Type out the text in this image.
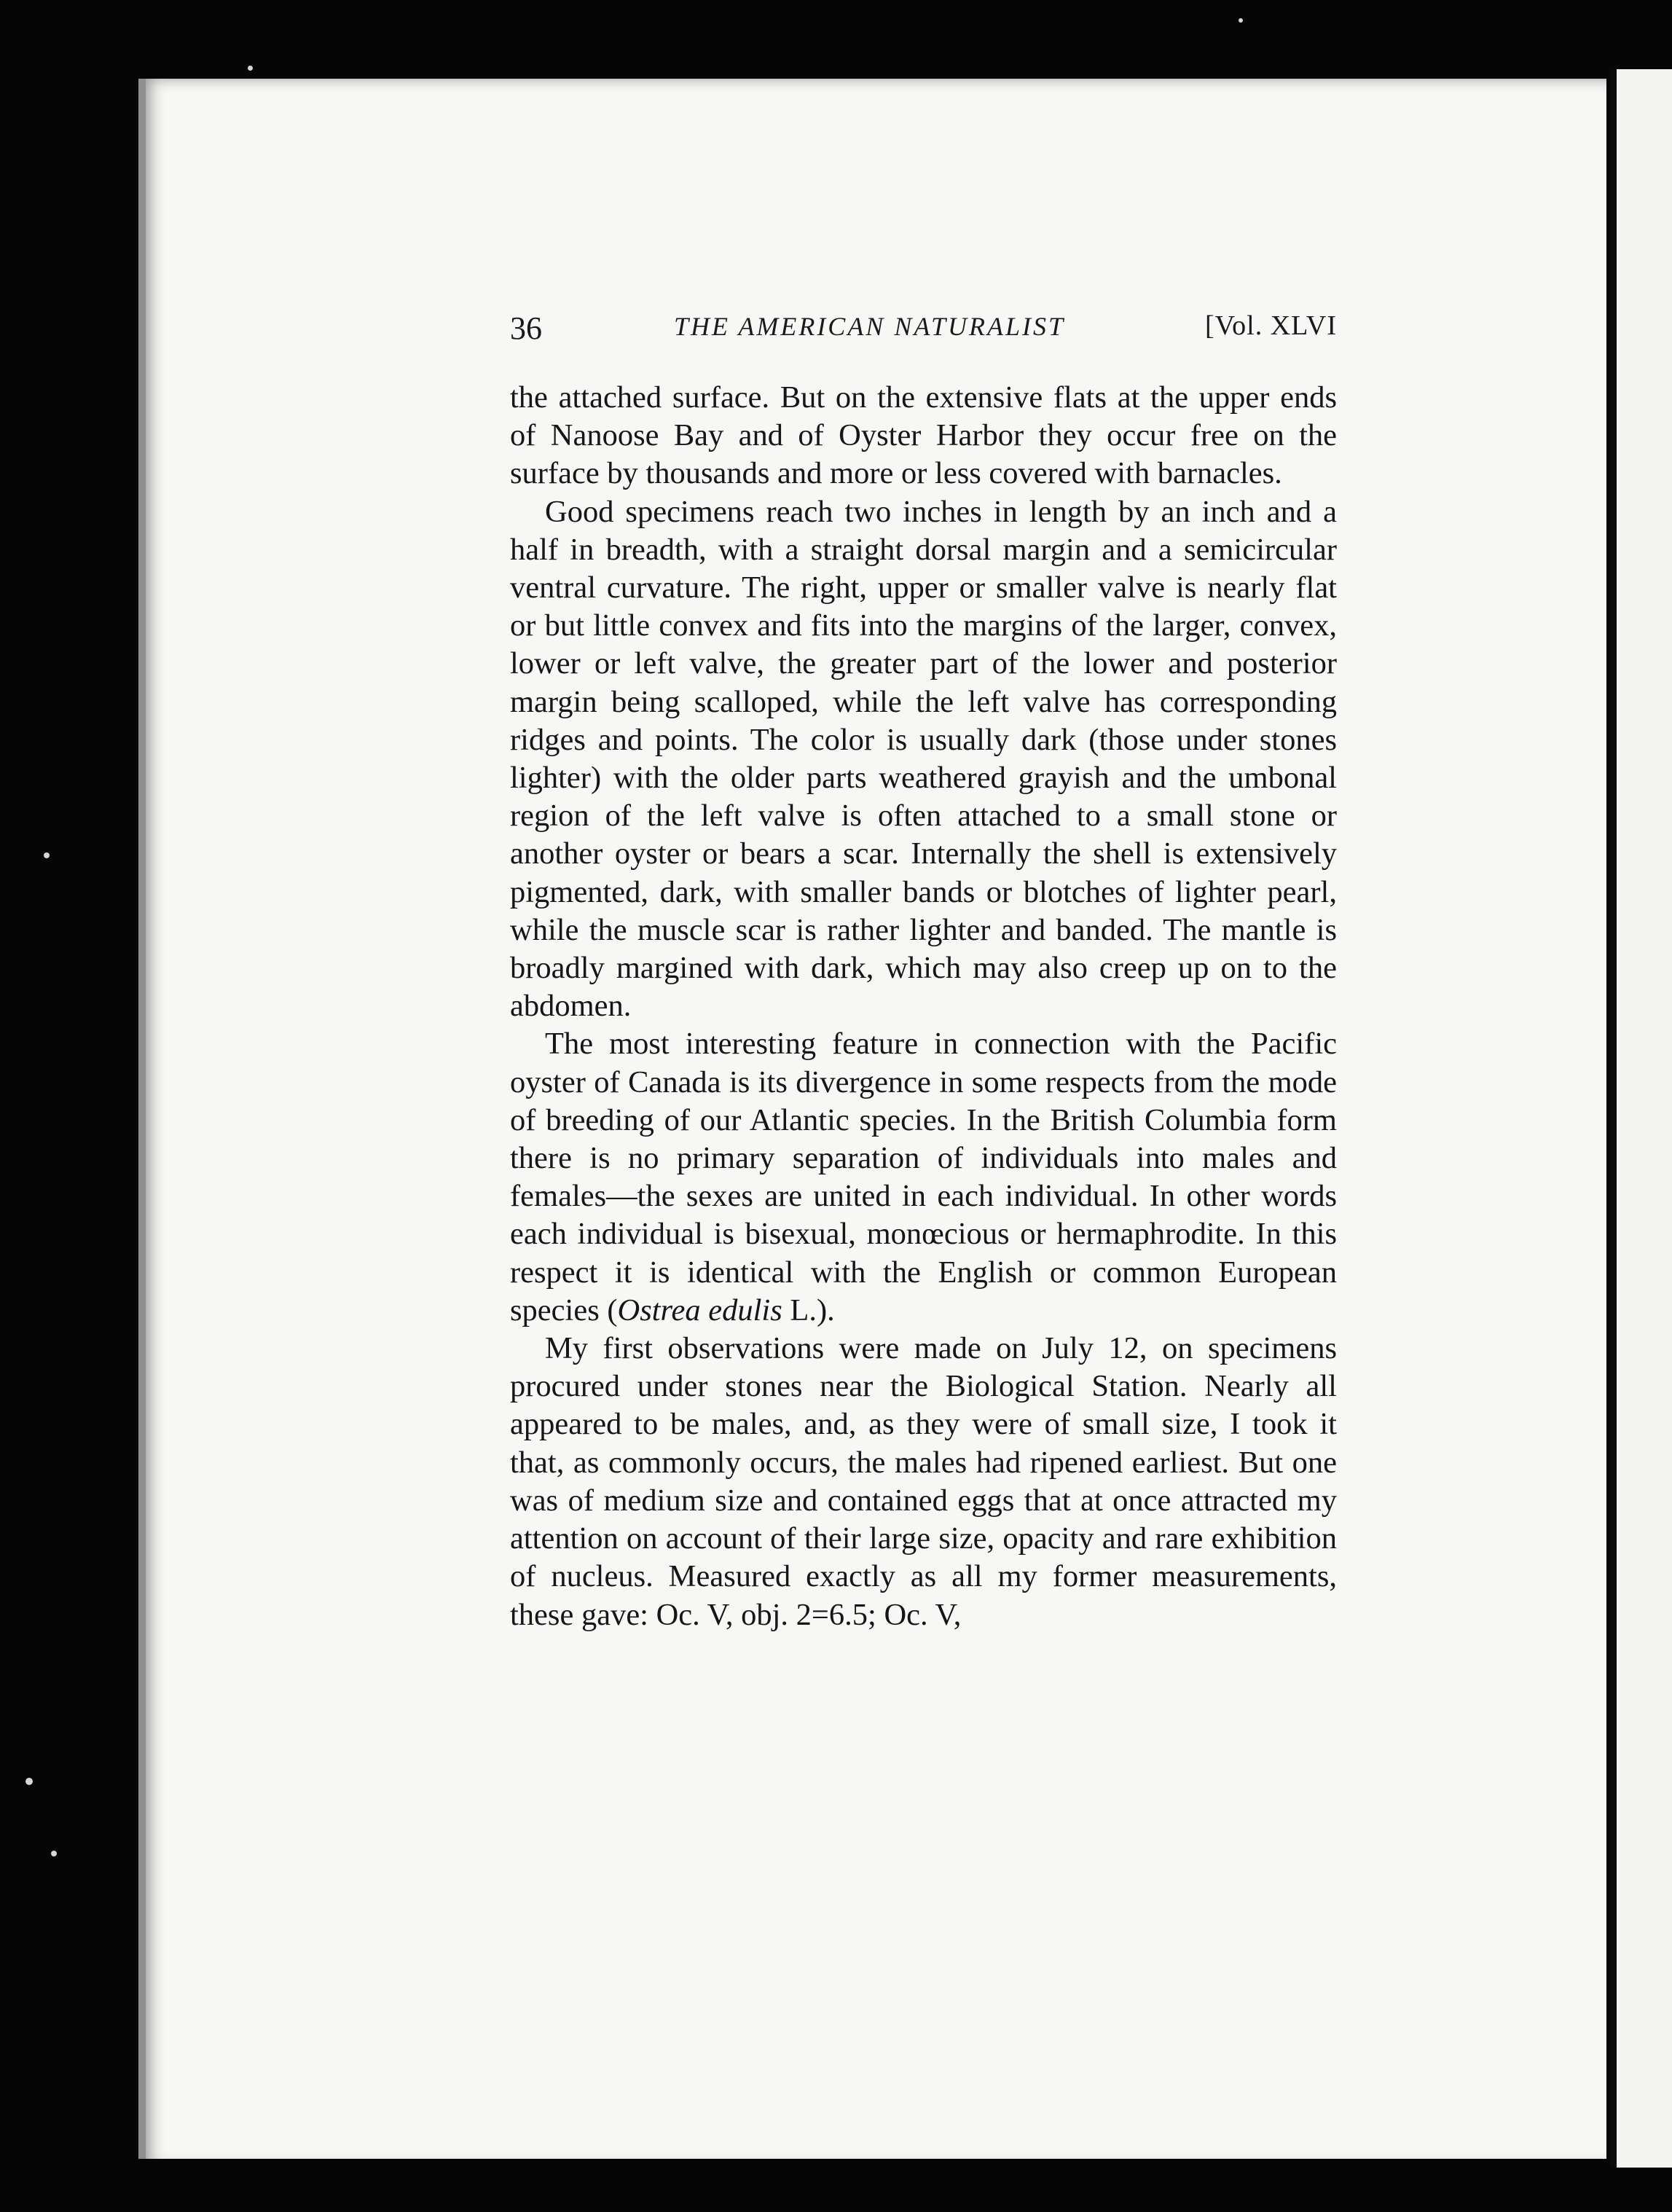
36	THE AMERICAN NATURALIST	[Vol. XLVI

the attached surface. But on the extensive flats at the upper ends of Nanoose Bay and of Oyster Harbor they occur free on the surface by thousands and more or less covered with barnacles.

Good specimens reach two inches in length by an inch and a half in breadth, with a straight dorsal margin and a semicircular ventral curvature. The right, upper or smaller valve is nearly flat or but little convex and fits into the margins of the larger, convex, lower or left valve, the greater part of the lower and posterior margin being scalloped, while the left valve has corresponding ridges and points. The color is usually dark (those under stones lighter) with the older parts weathered grayish and the umbonal region of the left valve is often attached to a small stone or another oyster or bears a scar. Internally the shell is extensively pigmented, dark, with smaller bands or blotches of lighter pearl, while the muscle scar is rather lighter and banded. The mantle is broadly margined with dark, which may also creep up on to the abdomen.

The most interesting feature in connection with the Pacific oyster of Canada is its divergence in some respects from the mode of breeding of our Atlantic species. In the British Columbia form there is no primary separation of individuals into males and females—the sexes are united in each individual. In other words each individual is bisexual, monœcious or hermaphrodite. In this respect it is identical with the English or common European species (Ostrea edulis L.).

My first observations were made on July 12, on specimens procured under stones near the Biological Station. Nearly all appeared to be males, and, as they were of small size, I took it that, as commonly occurs, the males had ripened earliest. But one was of medium size and contained eggs that at once attracted my attention on account of their large size, opacity and rare exhibition of nucleus. Measured exactly as all my former measurements, these gave: Oc. V, obj. 2=6.5; Oc. V,
